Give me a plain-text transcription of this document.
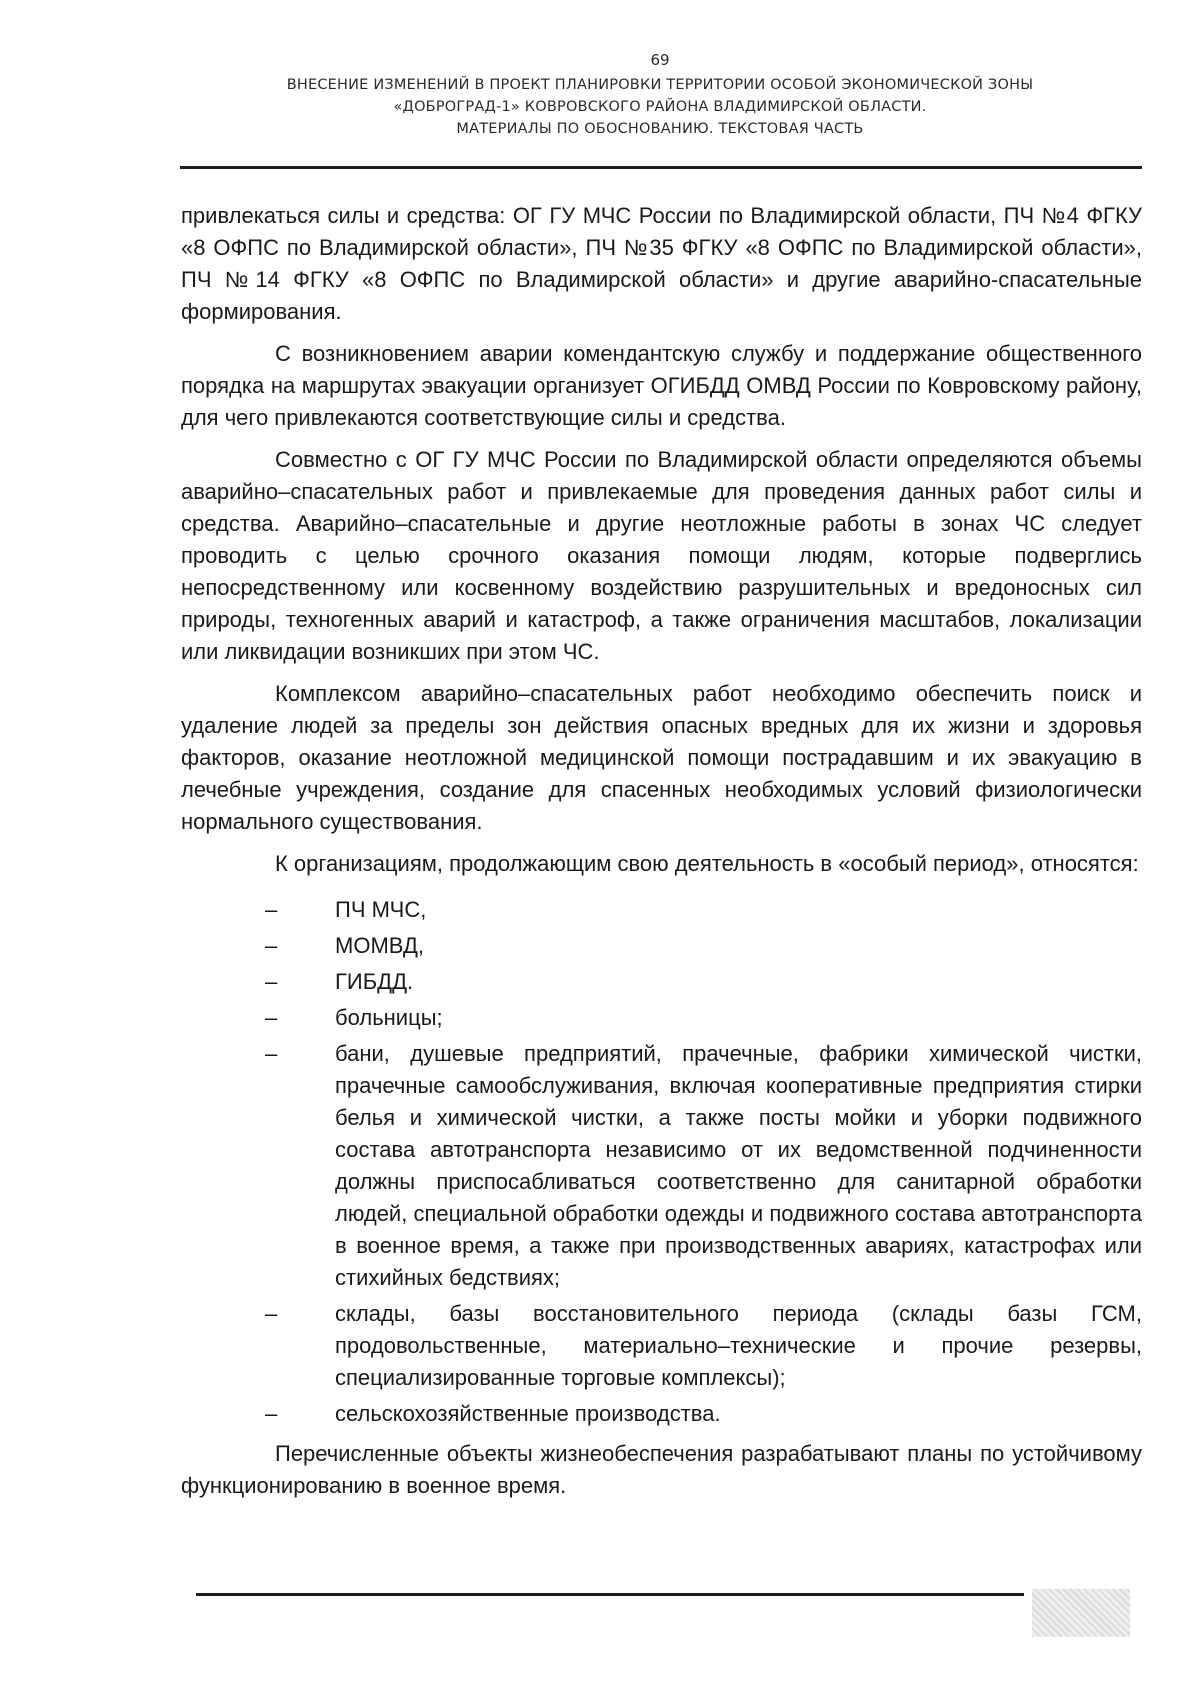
69
ВНЕСЕНИЕ ИЗМЕНЕНИЙ В ПРОЕКТ ПЛАНИРОВКИ ТЕРРИТОРИИ ОСОБОЙ ЭКОНОМИЧЕСКОЙ ЗОНЫ
«ДОБРОГРАД-1» КОВРОВСКОГО РАЙОНА ВЛАДИМИРСКОЙ ОБЛАСТИ.
МАТЕРИАЛЫ ПО ОБОСНОВАНИЮ. ТЕКСТОВАЯ ЧАСТЬ

привлекаться силы и средства: ОГ ГУ МЧС России по Владимирской области, ПЧ №4 ФГКУ «8 ОФПС по Владимирской области», ПЧ №35 ФГКУ «8 ОФПС по Владимирской области», ПЧ №14 ФГКУ «8 ОФПС по Владимирской области» и другие аварийно-спасательные формирования.

С возникновением аварии комендантскую службу и поддержание общественного порядка на маршрутах эвакуации организует ОГИБДД ОМВД России по Ковровскому району, для чего привлекаются соответствующие силы и средства.

Совместно с ОГ ГУ МЧС России по Владимирской области определяются объемы аварийно–спасательных работ и привлекаемые для проведения данных работ силы и средства. Аварийно–спасательные и другие неотложные работы в зонах ЧС следует проводить с целью срочного оказания помощи людям, которые подверглись непосредственному или косвенному воздействию разрушительных и вредоносных сил природы, техногенных аварий и катастроф, а также ограничения масштабов, локализации или ликвидации возникших при этом ЧС.

Комплексом аварийно–спасательных работ необходимо обеспечить поиск и удаление людей за пределы зон действия опасных вредных для их жизни и здоровья факторов, оказание неотложной медицинской помощи пострадавшим и их эвакуацию в лечебные учреждения, создание для спасенных необходимых условий физиологически нормального существования.

К организациям, продолжающим свою деятельность в «особый период», относятся:

–	ПЧ МЧС,
–	МОМВД,
–	ГИБДД.
–	больницы;
–	бани, душевые предприятий, прачечные, фабрики химической чистки, прачечные самообслуживания, включая кооперативные предприятия стирки белья и химической чистки, а также посты мойки и уборки подвижного состава автотранспорта независимо от их ведомственной подчиненности должны приспосабливаться соответственно для санитарной обработки людей, специальной обработки одежды и подвижного состава автотранспорта в военное время, а также при производственных авариях, катастрофах или стихийных бедствиях;
–	склады, базы восстановительного периода (склады базы ГСМ, продовольственные, материально–технические и прочие резервы, специализированные торговые комплексы);
–	сельскохозяйственные производства.

Перечисленные объекты жизнеобеспечения разрабатывают планы по устойчивому функционированию в военное время.
